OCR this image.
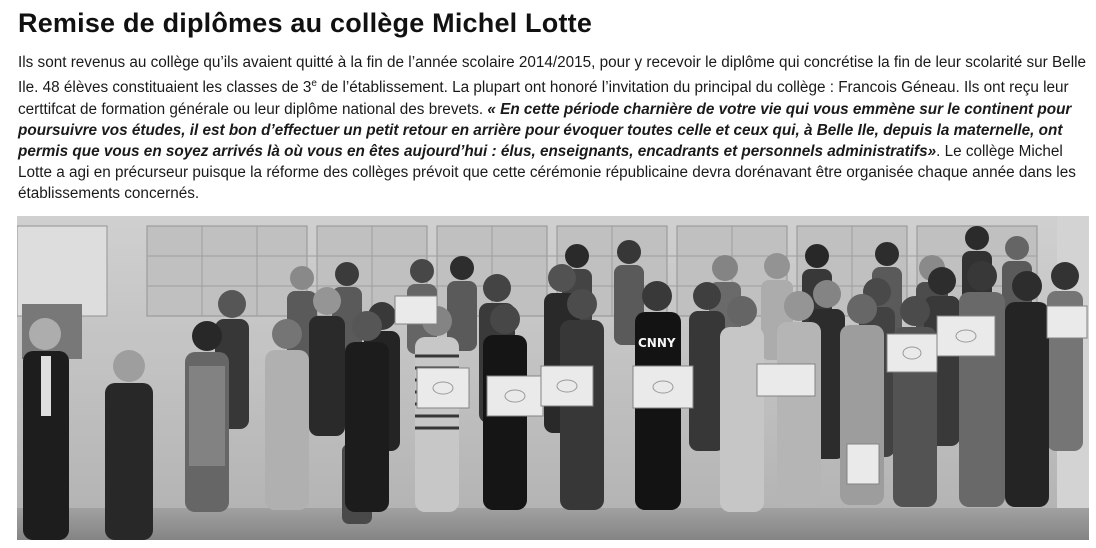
Remise de diplômes au collège Michel Lotte

Ils sont revenus au collège qu’ils avaient quitté à la fin de l’année scolaire 2014/2015, pour y recevoir le diplôme qui concrétise la fin de leur scolarité sur Belle Ile. 48 élèves constituaient les classes de 3e de l’établissement. La plupart ont honoré l’invitation du principal du collège : Francois Géneau. Ils ont reçu leur certtifcat de formation générale ou leur diplôme national des brevets. « En cette période charnière de votre vie qui vous emmène sur le continent pour poursuivre vos études, il est bon d’effectuer un petit retour en arrière pour évoquer toutes celle et ceux qui, à Belle Ile, depuis la maternelle, ont permis que vous en soyez arrivés là où vous en êtes aujourd’hui : élus, enseignants, encadrants et personnels administratifs». Le collège Michel Lotte a agi en précurseur puisque la réforme des collèges prévoit que cette cérémonie républicaine devra dorénavant être organisée chaque année dans les établissements concernés.

CNNY
